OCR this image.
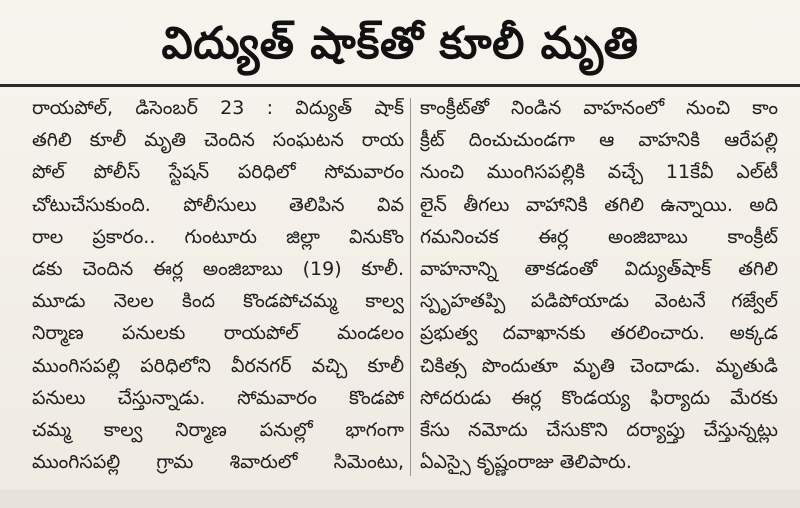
విద్యుత్ షాక్‌తో కూలీ మృతి
రాయపోల్, డిసెంబర్ 23 : విద్యుత్ షాక్
తగిలి కూలీ మృతి చెందిన సంఘటన రాయ
పోల్ పోలీస్ స్టేషన్ పరిధిలో సోమవారం
చోటుచేసుకుంది. పోలీసులు తెలిపిన వివ
రాల ప్రకారం.. గుంటూరు జిల్లా వినుకొం
డకు చెందిన ఈర్ల అంజిబాబు (19) కూలీ.
మూడు నెలల కింద కొండపోచమ్మ కాల్వ
నిర్మాణ పనులకు రాయపోల్ మండలం
ముంగిసపల్లి పరిధిలోని వీరనగర్ వచ్చి కూలీ
పనులు చేస్తున్నాడు. సోమవారం కొండపో
చమ్మ కాల్వ నిర్మాణ పనుల్లో భాగంగా
ముంగిసపల్లి గ్రామ శివారులో సిమెంటు,
కాంక్రీట్‌తో నిండిన వాహనంలో నుంచి కాం
క్రీట్ దించుచుండగా ఆ వాహనికి ఆరేపల్లి
నుంచి ముంగిసపల్లికి వచ్చే 11కేవీ ఎల్‌టీ
లైన్ తీగలు వాహానికి తగిలి ఉన్నాయి. అది
గమనించక ఈర్ల అంజిబాబు కాంక్రీట్
వాహనాన్ని తాకడంతో విద్యుత్‌షాక్ తగిలి
స్పృహతప్పి పడిపోయాడు వెంటనే గజ్వేల్
ప్రభుత్వ దవాఖానకు తరలించారు. అక్కడ
చికిత్స పొందుతూ మృతి చెందాడు. మృతుడి
సోదరుడు ఈర్ల కొండయ్య ఫిర్యాదు మేరకు
కేసు నమోదు చేసుకొని దర్యాప్తు చేస్తున్నట్లు
ఏఎస్సై కృష్ణంరాజు తెలిపారు.
